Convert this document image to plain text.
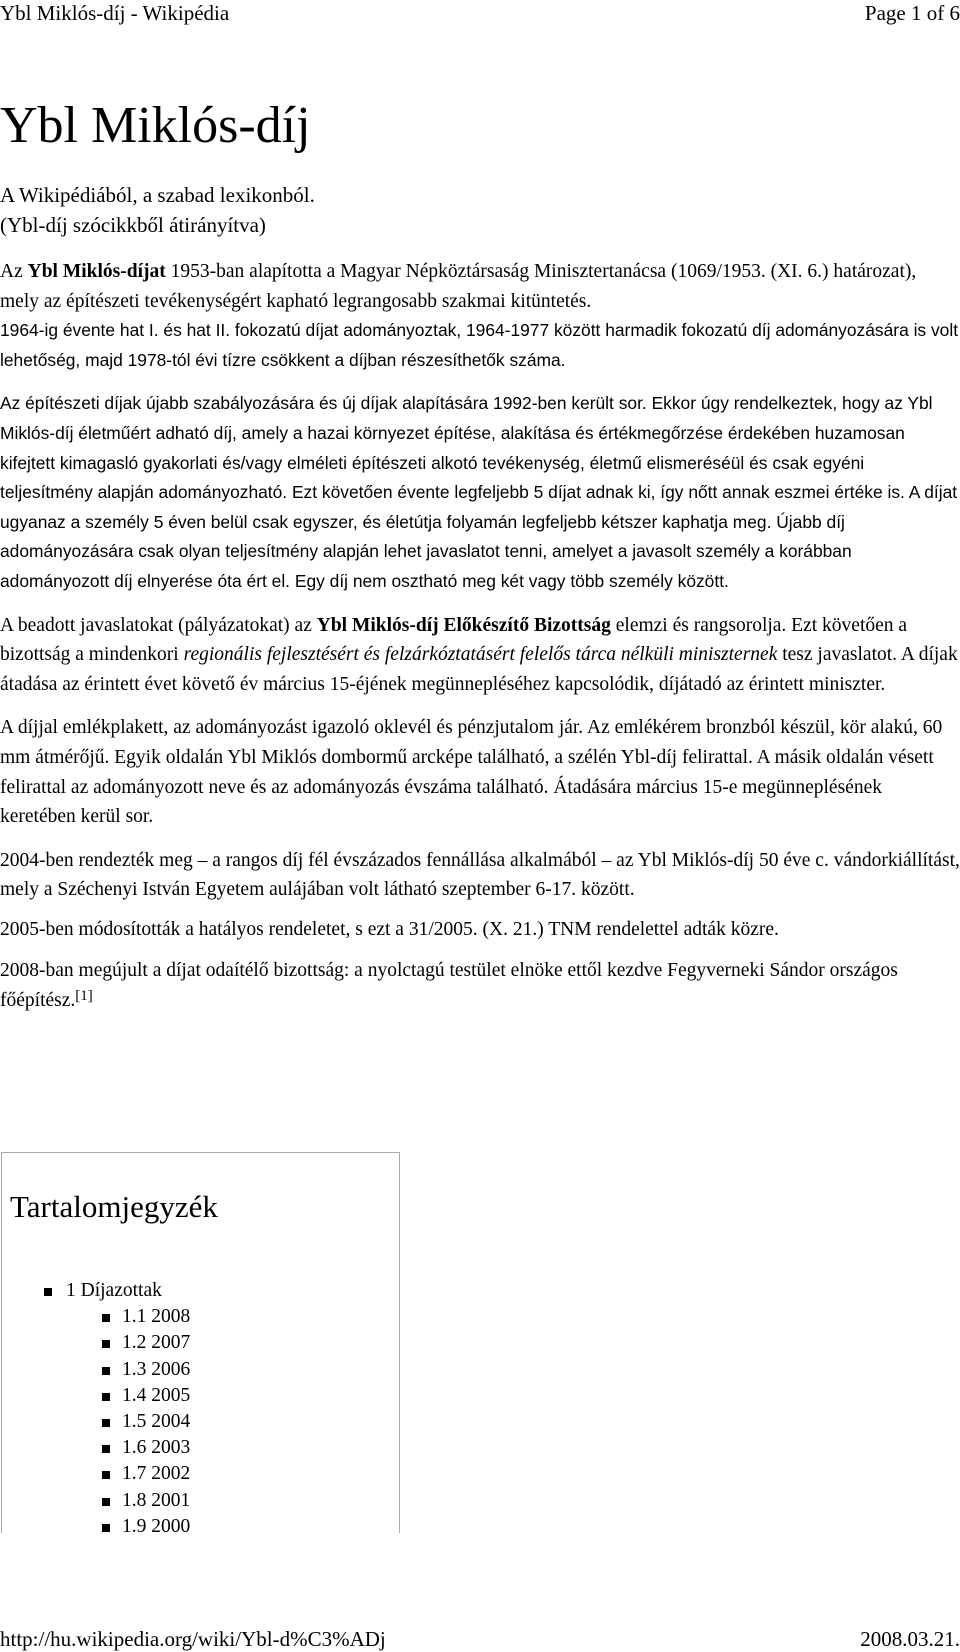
Ybl Miklós-díj - Wikipédia	Page 1 of 6
Ybl Miklós-díj
A Wikipédiából, a szabad lexikonból.
(Ybl-díj szócikkből átirányítva)

Az Ybl Miklós-díjat 1953-ban alapította a Magyar Népköztársaság Minisztertanácsa (1069/1953. (XI. 6.) határozat), mely az építészeti tevékenységért kapható legrangosabb szakmai kitüntetés.

1964-ig évente hat I. és hat II. fokozatú díjat adományoztak, 1964-1977 között harmadik fokozatú díj adományozására is volt lehetőség, majd 1978-tól évi tízre csökkent a díjban részesíthetők száma.

Az építészeti díjak újabb szabályozására és új díjak alapítására 1992-ben került sor. Ekkor úgy rendelkeztek, hogy az Ybl Miklós-díj életműért adható díj, amely a hazai környezet építése, alakítása és értékmegőrzése érdekében huzamosan kifejtett kimagasló gyakorlati és/vagy elméleti építészeti alkotó tevékenység, életmű elismeréséül és csak egyéni teljesítmény alapján adományozható. Ezt követően évente legfeljebb 5 díjat adnak ki, így nőtt annak eszmei értéke is. A díjat ugyanaz a személy 5 éven belül csak egyszer, és életútja folyamán legfeljebb kétszer kaphatja meg. Újabb díj adományozására csak olyan teljesítmény alapján lehet javaslatot tenni, amelyet a javasolt személy a korábban adományozott díj elnyerése óta ért el. Egy díj nem osztható meg két vagy több személy között.

A beadott javaslatokat (pályázatokat) az Ybl Miklós-díj Előkészítő Bizottság elemzi és rangsorolja. Ezt követően a bizottság a mindenkori regionális fejlesztésért és felzárkóztatásért felelős tárca nélküli miniszternek tesz javaslatot. A díjak átadása az érintett évet követő év március 15-éjének megünnepléséhez kapcsolódik, díjátadó az érintett miniszter.

A díjjal emlékplakett, az adományozást igazoló oklevél és pénzjutalom jár. Az emlékérem bronzból készül, kör alakú, 60 mm átmérőjű. Egyik oldalán Ybl Miklós dombormű arcképe található, a szélén Ybl-díj felirattal. A másik oldalán vésett felirattal az adományozott neve és az adományozás évszáma található. Átadására március 15-e megünneplésének keretében kerül sor.

2004-ben rendezték meg – a rangos díj fél évszázados fennállása alkalmából – az Ybl Miklós-díj 50 éve c. vándorkiállítást, mely a Széchenyi István Egyetem aulájában volt látható szeptember 6-17. között.

2005-ben módosították a hatályos rendeletet, s ezt a 31/2005. (X. 21.) TNM rendelettel adták közre.

2008-ban megújult a díjat odaítélő bizottság: a nyolctagú testület elnöke ettől kezdve Fegyverneki Sándor országos főépítész.[1]

Tartalomjegyzék
1 Díjazottak
1.1 2008
1.2 2007
1.3 2006
1.4 2005
1.5 2004
1.6 2003
1.7 2002
1.8 2001
1.9 2000
http://hu.wikipedia.org/wiki/Ybl-d%C3%ADj	2008.03.21.
